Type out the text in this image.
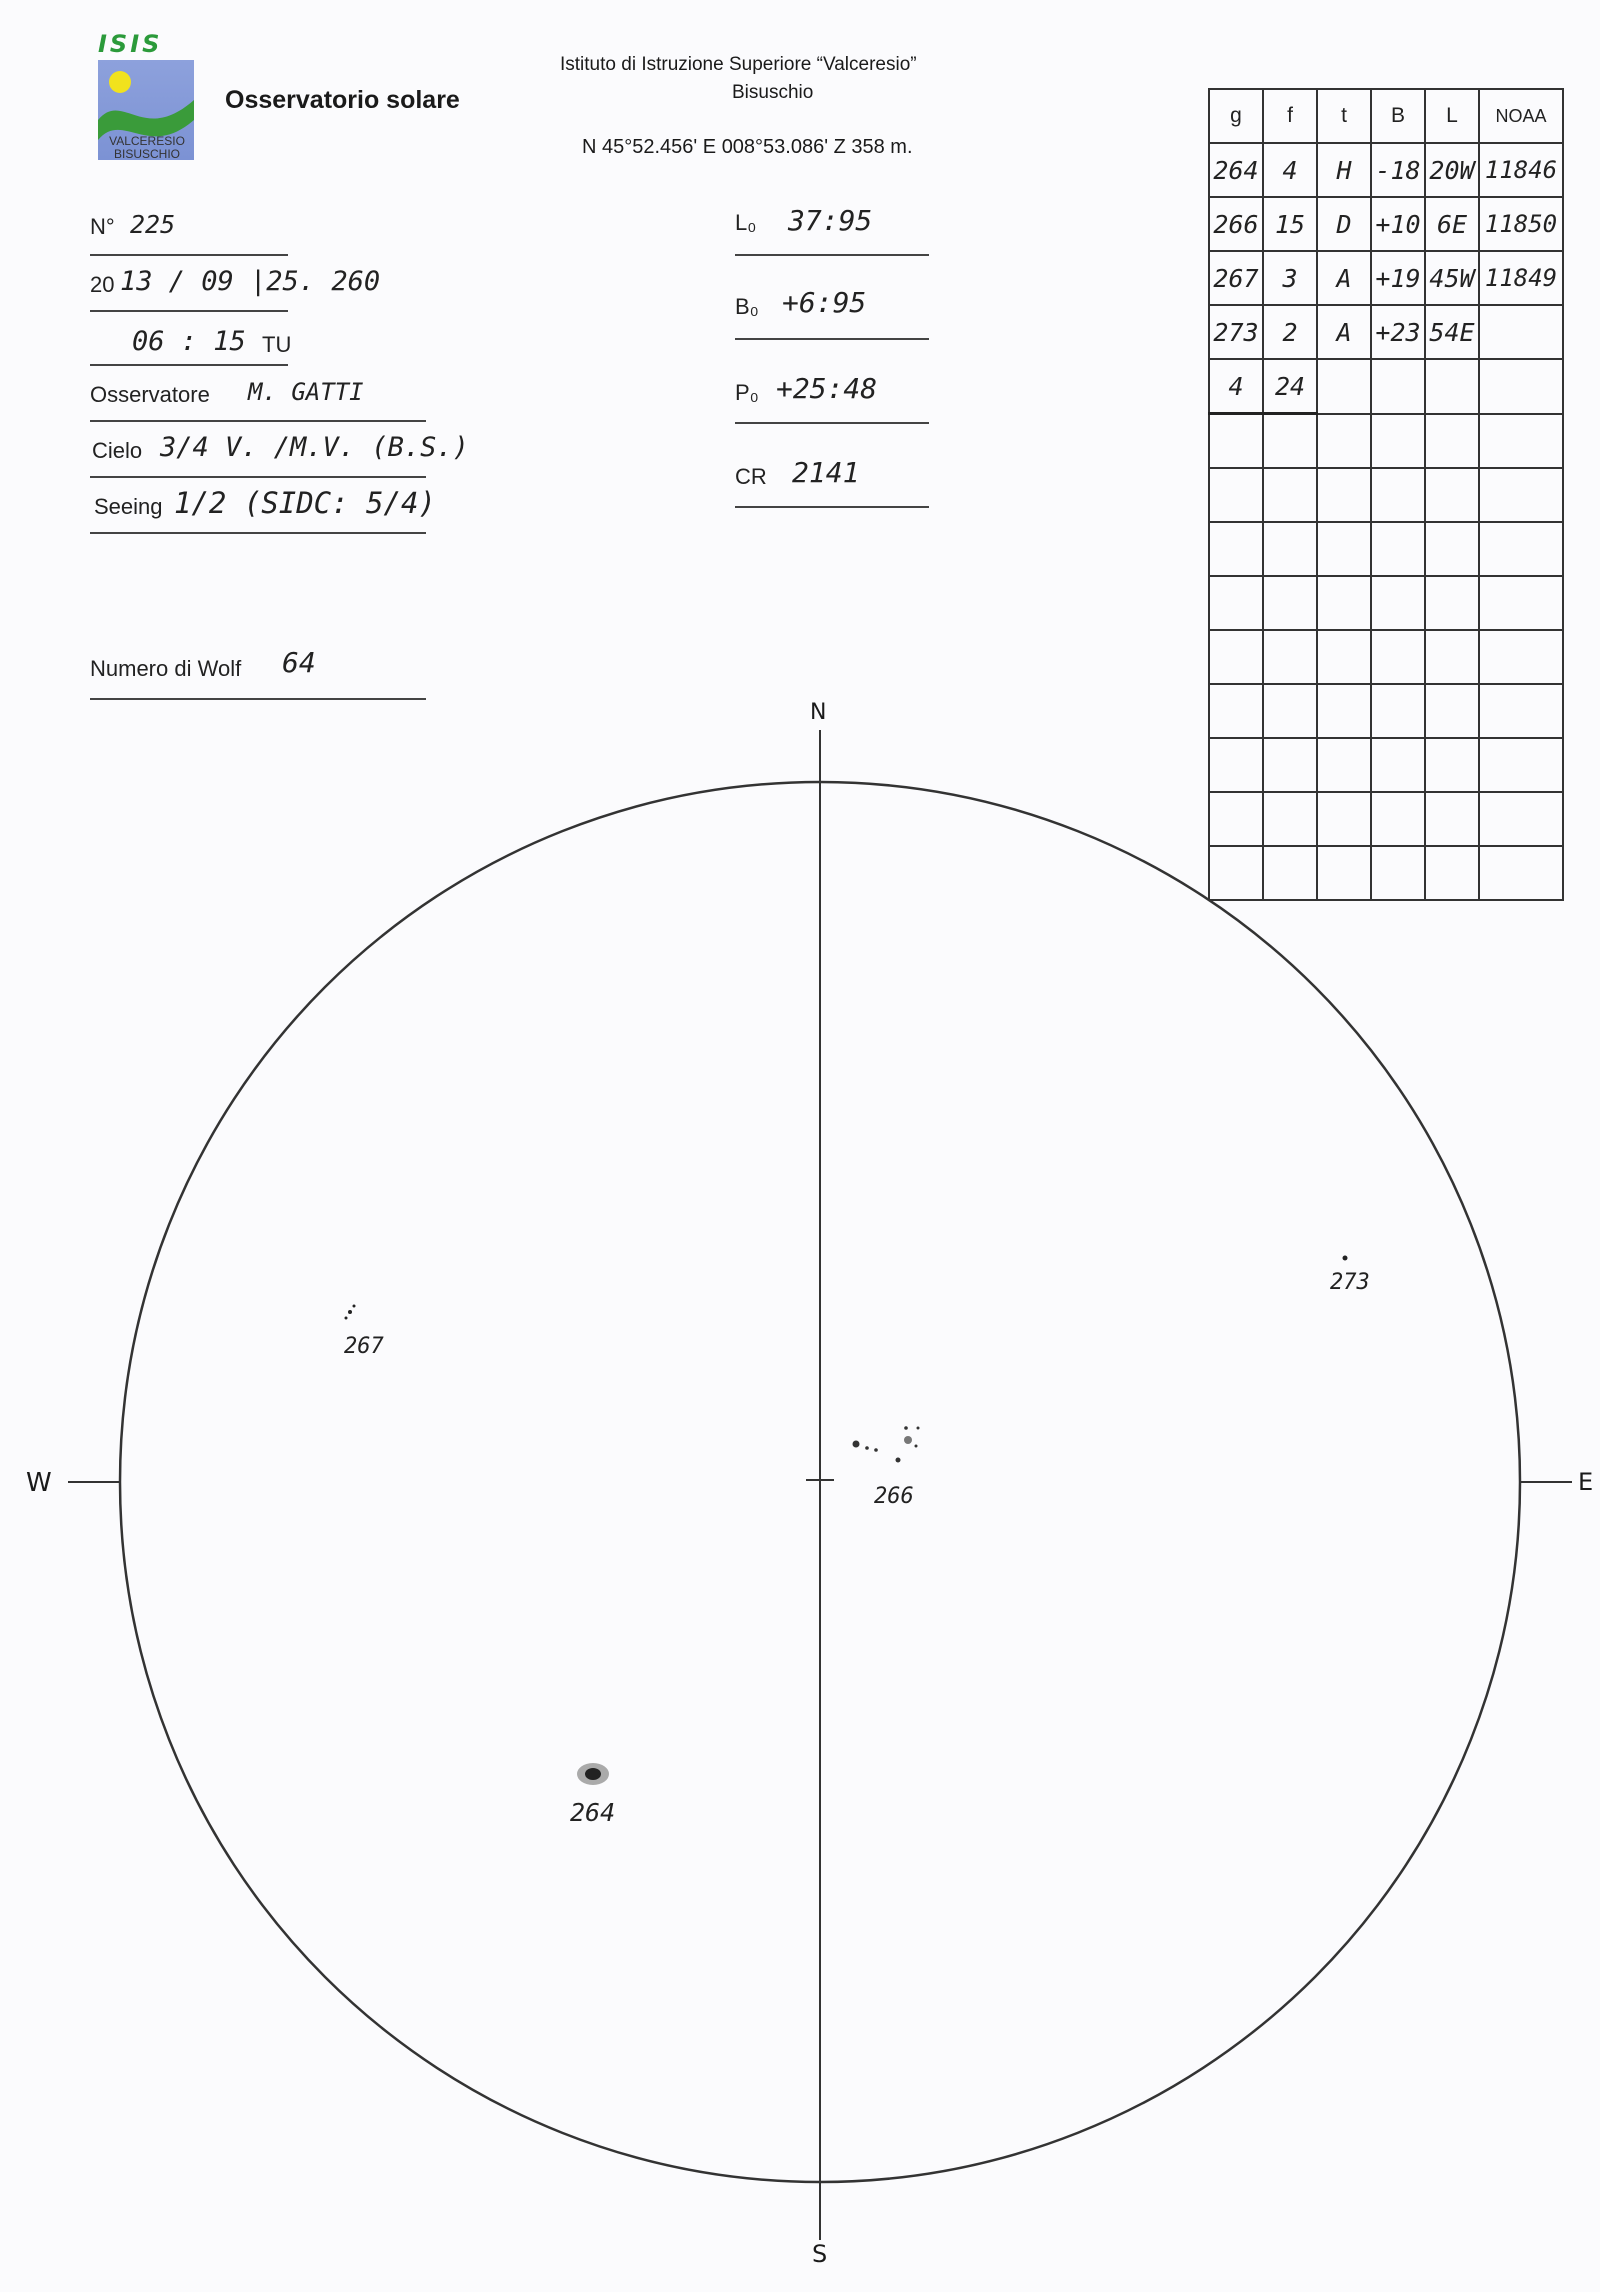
ISIS
VALCERESIO
BISUSCHIO
Osservatorio solare
Istituto di Istruzione Superiore “Valceresio”
Bisuschio
N 45°52.456' E 008°53.086' Z 358 m.
N° 225
20 13 / 09 |25. 260
06 : 15 TU
Osservatore M. GATTI
Cielo 3/4 V. /M.V. (B.S.)
Seeing 1/2 (SIDC: 5/4)
Numero di Wolf 64
L₀ 37:95
B₀ +6:95
P₀ +25:48
CR 2141
g	f	t	B	L	NOAA
264	4	H	-18	20W	11846
266	15	D	+10	6E	11850
267	3	A	+19	45W	11849
273	2	A	+23	54E	
4	24				

N
S
W	E
267
273
266
264
